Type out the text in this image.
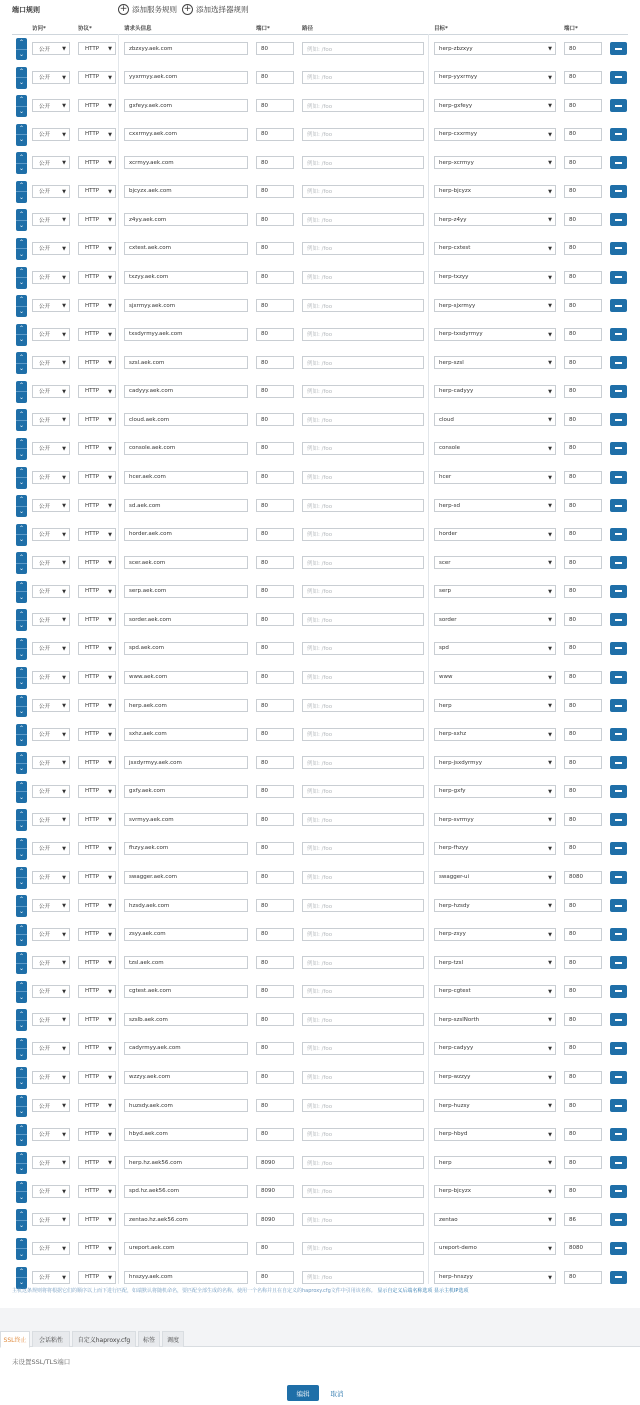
端口规则	+ 添加服务规则 + 添加选择器规则
访问*	协议*	请求头信息	端口*	路径	目标*	端口*
⌃
⌄
公开 ▼	HTTP ▼	zbzxyy.aek.com	80	例如: /foo	herp-zbzxyy	▼	80
⌃
⌄
公开 ▼	HTTP ▼	yyxrmyy.aek.com	80	例如: /foo	herp-yyxrmyy	▼	80
⌃
⌄
公开 ▼	HTTP ▼	gxfeyy.aek.com	80	例如: /foo	herp-gxfeyy	▼	80
⌃
⌄
公开 ▼	HTTP ▼	cxxrmyy.aek.com	80	例如: /foo	herp-cxxrmyy	▼	80
⌃
⌄
公开 ▼	HTTP ▼	xcrmyy.aek.com	80	例如: /foo	herp-xcrmyy	▼	80
⌃
⌄
公开 ▼	HTTP ▼	bjcyzx.aek.com	80	例如: /foo	herp-bjcyzx	▼	80
⌃
⌄
公开 ▼	HTTP ▼	z4yy.aek.com	80	例如: /foo	herp-z4yy	▼	80
⌃
⌄
公开 ▼	HTTP ▼	cxtest.aek.com	80	例如: /foo	herp-cxtest	▼	80
⌃
⌄
公开 ▼	HTTP ▼	txzyy.aek.com	80	例如: /foo	herp-txzyy	▼	80
⌃
⌄
公开 ▼	HTTP ▼	sjxrmyy.aek.com	80	例如: /foo	herp-sjxrmyy	▼	80
⌃
⌄
公开 ▼	HTTP ▼	txsdyrmyy.aek.com	80	例如: /foo	herp-txsdyrmyy	▼	80
⌃
⌄
公开 ▼	HTTP ▼	szsl.aek.com	80	例如: /foo	herp-szsl	▼	80
⌃
⌄
公开 ▼	HTTP ▼	cadyyy.aek.com	80	例如: /foo	herp-cadyyy	▼	80
⌃
⌄
公开 ▼	HTTP ▼	cloud.aek.com	80	例如: /foo	cloud	▼	80
⌃
⌄
公开 ▼	HTTP ▼	console.aek.com	80	例如: /foo	console	▼	80
⌃
⌄
公开 ▼	HTTP ▼	hcer.aek.com	80	例如: /foo	hcer	▼	80
⌃
⌄
公开 ▼	HTTP ▼	sd.aek.com	80	例如: /foo	herp-sd	▼	80
⌃
⌄
公开 ▼	HTTP ▼	horder.aek.com	80	例如: /foo	horder	▼	80
⌃
⌄
公开 ▼	HTTP ▼	scer.aek.com	80	例如: /foo	scer	▼	80
⌃
⌄
公开 ▼	HTTP ▼	serp.aek.com	80	例如: /foo	serp	▼	80
⌃
⌄
公开 ▼	HTTP ▼	sorder.aek.com	80	例如: /foo	sorder	▼	80
⌃
⌄
公开 ▼	HTTP ▼	spd.aek.com	80	例如: /foo	spd	▼	80
⌃
⌄
公开 ▼	HTTP ▼	www.aek.com	80	例如: /foo	www	▼	80
⌃
⌄
公开 ▼	HTTP ▼	herp.aek.com	80	例如: /foo	herp	▼	80
⌃
⌄
公开 ▼	HTTP ▼	sxhz.aek.com	80	例如: /foo	herp-sxhz	▼	80
⌃
⌄
公开 ▼	HTTP ▼	jsxdyrmyy.aek.com	80	例如: /foo	herp-jsxdyrmyy	▼	80
⌃
⌄
公开 ▼	HTTP ▼	gxfy.aek.com	80	例如: /foo	herp-gxfy	▼	80
⌃
⌄
公开 ▼	HTTP ▼	svrmyy.aek.com	80	例如: /foo	herp-svrmyy	▼	80
⌃
⌄
公开 ▼	HTTP ▼	fhzyy.aek.com	80	例如: /foo	herp-fhzyy	▼	80
⌃
⌄
公开 ▼	HTTP ▼	swagger.aek.com	80	例如: /foo	swagger-ui	▼	8080
⌃
⌄
公开 ▼	HTTP ▼	hzsdy.aek.com	80	例如: /foo	herp-hzsdy	▼	80
⌃
⌄
公开 ▼	HTTP ▼	zsyy.aek.com	80	例如: /foo	herp-zsyy	▼	80
⌃
⌄
公开 ▼	HTTP ▼	tzsl.aek.com	80	例如: /foo	herp-tzsl	▼	80
⌃
⌄
公开 ▼	HTTP ▼	cgtest.aek.com	80	例如: /foo	herp-cgtest	▼	80
⌃
⌄
公开 ▼	HTTP ▼	szslb.aek.com	80	例如: /foo	herp-szslNorth	▼	80
⌃
⌄
公开 ▼	HTTP ▼	cadyrmyy.aek.com	80	例如: /foo	herp-cadyyy	▼	80
⌃
⌄
公开 ▼	HTTP ▼	wzzyy.aek.com	80	例如: /foo	herp-wzzyy	▼	80
⌃
⌄
公开 ▼	HTTP ▼	huzsdy.aek.com	80	例如: /foo	herp-huzsy	▼	80
⌃
⌄
公开 ▼	HTTP ▼	hbyd.aek.com	80	例如: /foo	herp-hbyd	▼	80
⌃
⌄
公开 ▼	HTTP ▼	herp.hz.aek56.com	8090	例如: /foo	herp	▼	80
⌃
⌄
公开 ▼	HTTP ▼	spd.hz.aek56.com	8090	例如: /foo	herp-bjcyzx	▼	80
⌃
⌄
公开 ▼	HTTP ▼	zentao.hz.aek56.com	8090	例如: /foo	zentao	▼	86
⌃
⌄
公开 ▼	HTTP ▼	ureport.aek.com	80	例如: /foo	ureport-demo	▼	8080
⌃
⌄
公开 ▼	HTTP ▼	hnszyy.aek.com	80	例如: /foo	herp-hnszyy	▼	80
主机这条规则将将根据它们的顺序以上而下进行匹配，如端默认将随机命名，要匹配全部生成的名称，使用一个名称并且在自定义的haproxy.cfg文件中引用该名称。 显示自定义后端名称选项 显示主机IP选项
SSL终止	会话粘性	自定义haproxy.cfg	标签	调度
未设置SSL/TLS端口
编辑	取消
